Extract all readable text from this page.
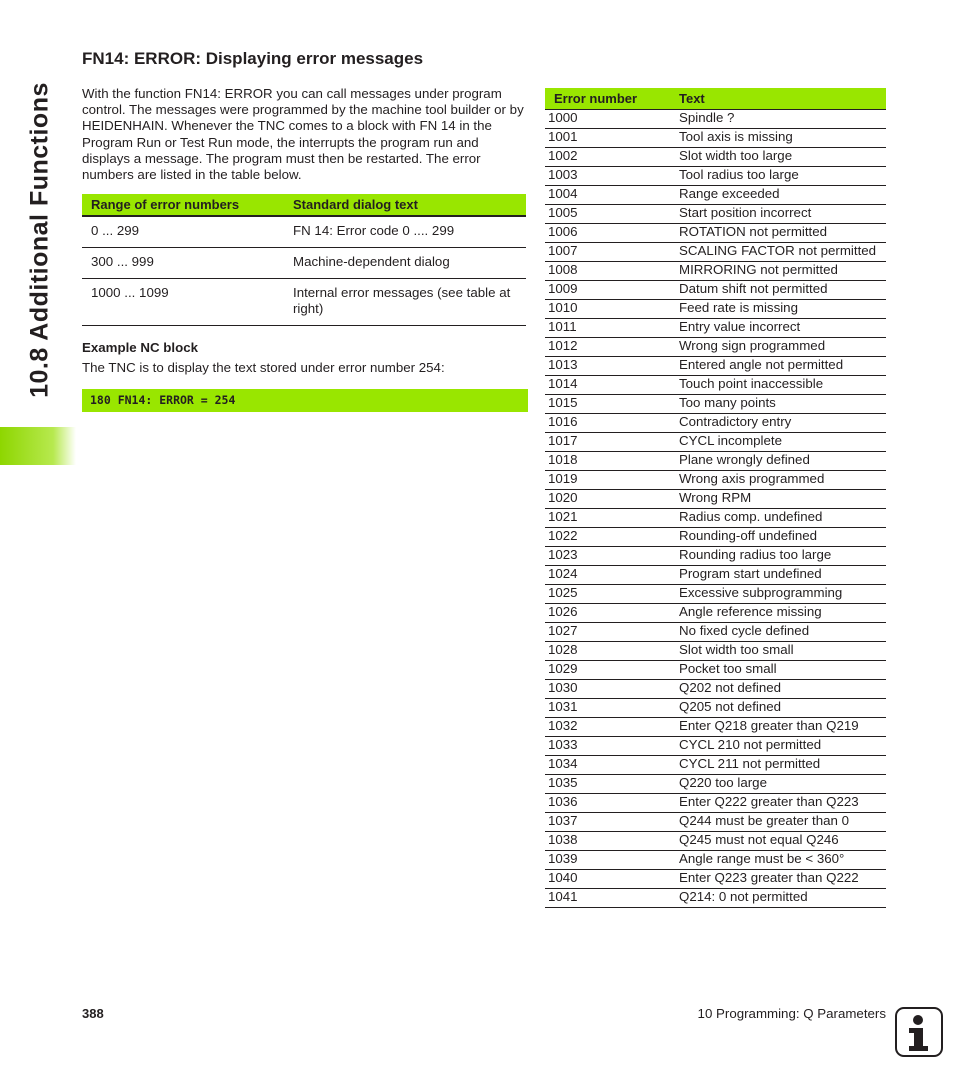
10.8 Additional Functions
FN14: ERROR: Displaying error messages

With the function FN14: ERROR you can call messages under program control. The messages were programmed by the machine tool builder or by HEIDENHAIN. Whenever the TNC comes to a block with FN 14 in the Program Run or Test Run mode, the interrupts the program run and displays a message. The program must then be restarted. The error numbers are listed in the table below.

Range of error numbers	Standard dialog text
0 ... 299	FN 14: Error code 0 .... 299
300 ... 999	Machine-dependent dialog
1000 ... 1099	Internal error messages (see table at right)

Example NC block

The TNC is to display the text stored under error number 254:

180 FN14: ERROR = 254
Error number	Text
1000	Spindle ?
1001	Tool axis is missing
1002	Slot width too large
1003	Tool radius too large
1004	Range exceeded
1005	Start position incorrect
1006	ROTATION not permitted
1007	SCALING FACTOR not permitted
1008	MIRRORING not permitted
1009	Datum shift not permitted
1010	Feed rate is missing
1011	Entry value incorrect
1012	Wrong sign programmed
1013	Entered angle not permitted
1014	Touch point inaccessible
1015	Too many points
1016	Contradictory entry
1017	CYCL incomplete
1018	Plane wrongly defined
1019	Wrong axis programmed
1020	Wrong RPM
1021	Radius comp. undefined
1022	Rounding-off undefined
1023	Rounding radius too large
1024	Program start undefined
1025	Excessive subprogramming
1026	Angle reference missing
1027	No fixed cycle defined
1028	Slot width too small
1029	Pocket too small
1030	Q202 not defined
1031	Q205 not defined
1032	Enter Q218 greater than Q219
1033	CYCL 210 not permitted
1034	CYCL 211 not permitted
1035	Q220 too large
1036	Enter Q222 greater than Q223
1037	Q244 must be greater than 0
1038	Q245 must not equal Q246
1039	Angle range must be < 360°
1040	Enter Q223 greater than Q222
1041	Q214: 0 not permitted

388	10 Programming: Q Parameters
